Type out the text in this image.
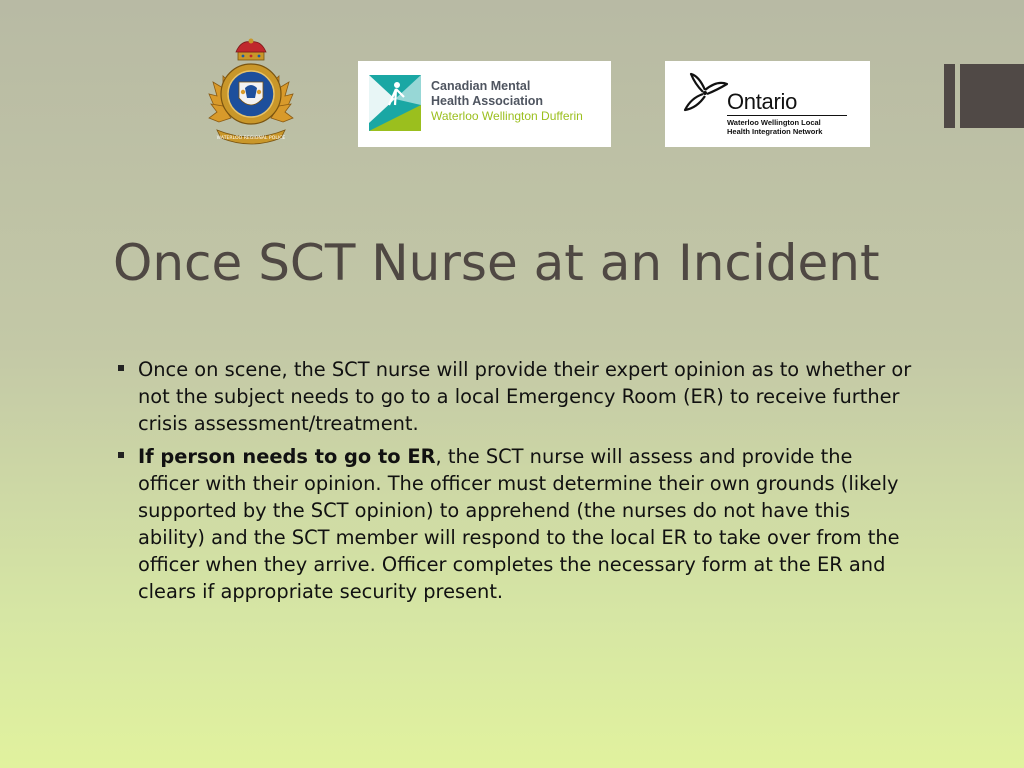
WATERLOO REGIONAL POLICE
Canadian Mental
Health Association
Waterloo Wellington Dufferin
Ontario
Waterloo Wellington Local
Health Integration Network
Once SCT Nurse at an Incident
Once on scene, the SCT nurse will provide their expert opinion as to whether or not the subject needs to go to a local Emergency Room (ER) to receive further crisis assessment/treatment.
If person needs to go to ER, the SCT nurse will assess and provide the officer with their opinion. The officer must determine their own grounds (likely supported by the SCT opinion) to apprehend (the nurses do not have this ability) and the SCT member will respond to the local ER to take over from the officer when they arrive. Officer completes the necessary form at the ER and clears if appropriate security present.
